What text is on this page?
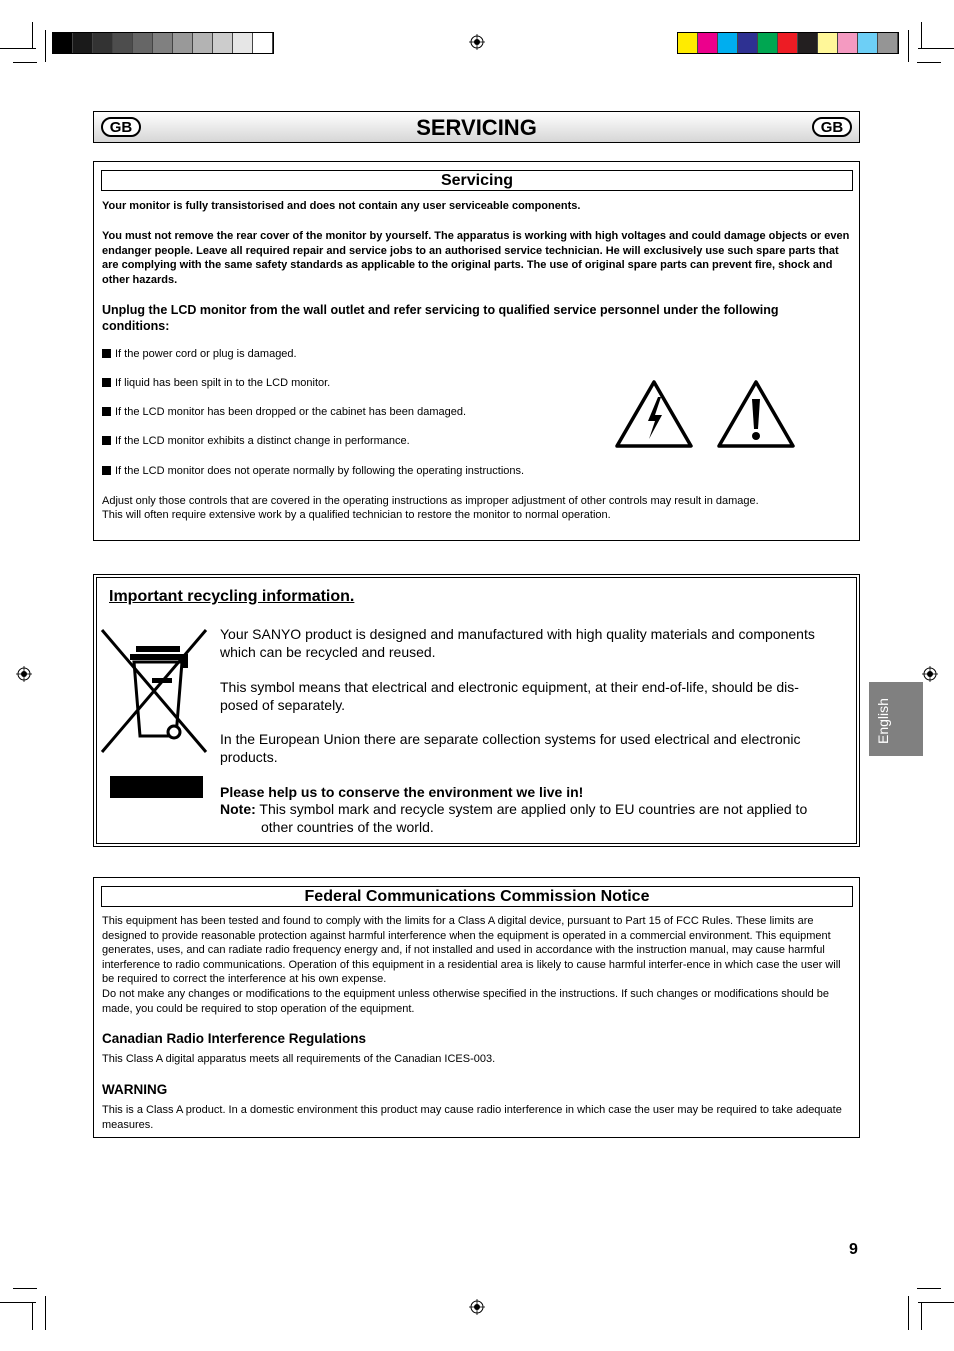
GB	SERVICING	GB
Servicing
Your monitor is fully transistorised and does not contain any user serviceable components.
You must not remove the rear cover of the monitor by yourself. The apparatus is working with high voltages and could damage objects or even endanger people. Leave all required repair and service jobs to an authorised service technician. He will exclusively use such spare parts that are complying with the same safety standards as applicable to the original parts. The use of original spare parts can prevent fire, shock and other hazards.
Unplug the LCD monitor from the wall outlet and refer servicing to qualified service personnel under the following conditions:
If the power cord or plug is damaged.
If liquid has been spilt in to the LCD monitor.
If the LCD monitor has been dropped or the cabinet has been damaged.
If the LCD monitor exhibits a distinct change in performance.
If the LCD monitor does not operate normally by following the operating instructions.
Adjust only those controls that are covered in the operating instructions as improper adjustment of other controls may result in damage.
This will often require extensive work by a qualified technician to restore the monitor to normal operation.
Important recycling information.
Your SANYO product is designed and manufactured with high quality materials and components which can be recycled and reused.
This symbol means that electrical and electronic equipment, at their end-of-life, should be dis-posed of separately.
In the European Union there are separate collection systems for used electrical and electronic products.
Please help us to conserve the environment we live in!
Note: This symbol mark and recycle system are applied only to EU countries are not applied to
other countries of the world.
Federal Communications Commission Notice
This equipment has been tested and found to comply with the limits for a Class A digital device, pursuant to Part 15 of FCC Rules. These limits are designed to provide reasonable protection against harmful interference when the equipment is operated in a commercial environment. This equipment generates, uses, and can radiate radio frequency energy and, if not installed and used in accordance with the instruction manual, may cause harmful interference to radio communications. Operation of this equipment in a residential area is likely to cause harmful interfer-ence in which case the user will be required to correct the interference at his own expense.
Do not make any changes or modifications to the equipment unless otherwise specified in the instructions. If such changes or modifications should be made, you could be required to stop operation of the equipment.
Canadian Radio Interference Regulations
This Class A digital apparatus meets all requirements of the Canadian ICES-003.
WARNING
This is a Class A product. In a domestic environment this product may cause radio interference in which case the user may be required to take adequate measures.
English
9
